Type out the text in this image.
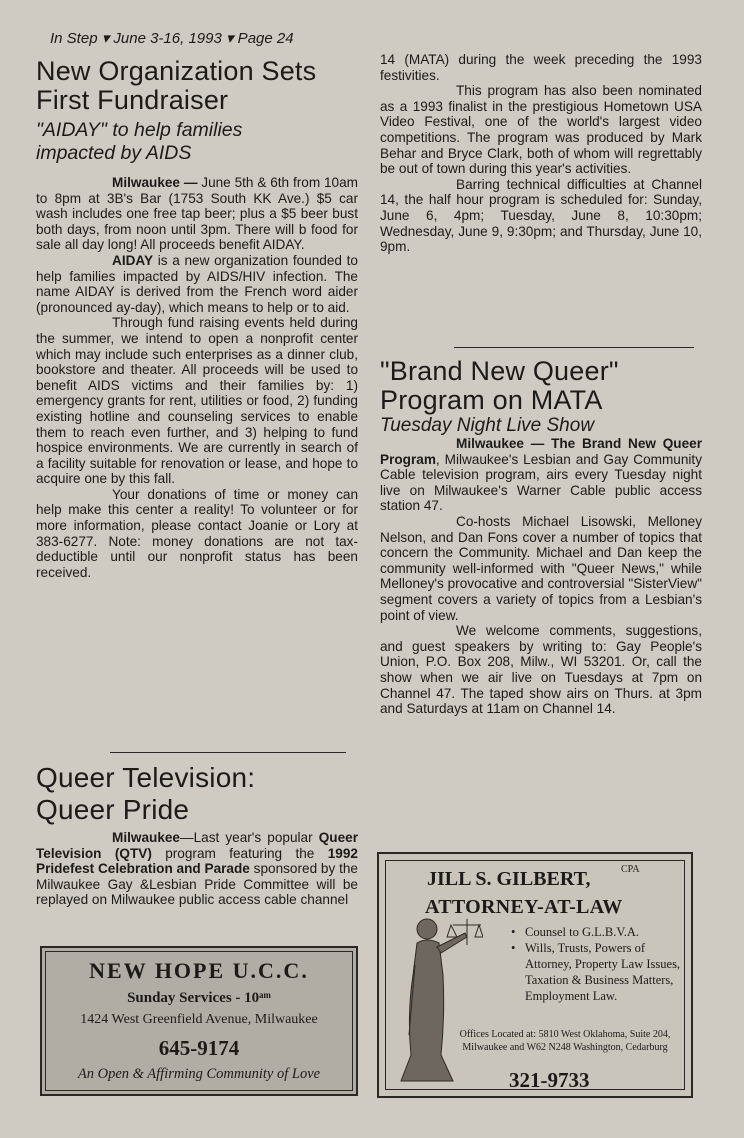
In Step ▾ June 3-16, 1993 ▾ Page 24
New Organization Sets
First Fundraiser
"AIDAY" to help families
impacted by AIDS

Milwaukee — June 5th & 6th from 10am to 8pm at 3B's Bar (1753 South KK Ave.) $5 car wash includes one free tap beer; plus a $5 beer bust both days, from noon until 3pm. There will b food for sale all day long! All proceeds benefit AIDAY.

AIDAY is a new organization founded to help families impacted by AIDS/HIV infection. The name AIDAY is derived from the French word aider (pronounced ay-day), which means to help or to aid.

Through fund raising events held during the summer, we intend to open a nonprofit center which may include such enterprises as a dinner club, bookstore and theater. All proceeds will be used to benefit AIDS victims and their families by: 1) emergency grants for rent, utilities or food, 2) funding existing hotline and counseling services to enable them to reach even further, and 3) helping to fund hospice environments. We are currently in search of a facility suitable for renovation or lease, and hope to acquire one by this fall.

Your donations of time or money can help make this center a reality! To volunteer or for more information, please contact Joanie or Lory at 383-6277. Note: money donations are not tax-deductible until our nonprofit status has been received.

Queer Television:
Queer Pride

Milwaukee—Last year's popular Queer Television (QTV) program featuring the 1992 Pridefest Celebration and Parade sponsored by the Milwaukee Gay &Lesbian Pride Committee will be replayed on Milwaukee public access cable channel

NEW HOPE U.C.C.
Sunday Services - 10ᵃᵐ
1424 West Greenfield Avenue, Milwaukee
645-9174
An Open & Affirming Community of Love

14 (MATA) during the week preceding the 1993 festivities.

This program has also been nominated as a 1993 finalist in the prestigious Hometown USA Video Festival, one of the world's largest video competitions. The program was produced by Mark Behar and Bryce Clark, both of whom will regrettably be out of town during this year's activities.

Barring technical difficulties at Channel 14, the half hour program is scheduled for: Sunday, June 6, 4pm; Tuesday, June 8, 10:30pm; Wednesday, June 9, 9:30pm; and Thursday, June 10, 9pm.

"Brand New Queer"
Program on MATA
Tuesday Night Live Show

Milwaukee — The Brand New Queer Program, Milwaukee's Lesbian and Gay Community Cable television program, airs every Tuesday night live on Milwaukee's Warner Cable public access station 47.

Co-hosts Michael Lisowski, Melloney Nelson, and Dan Fons cover a number of topics that concern the Community. Michael and Dan keep the community well-informed with "Queer News," while Melloney's provocative and controversial "SisterView" segment covers a variety of topics from a Lesbian's point of view.

We welcome comments, suggestions, and guest speakers by writing to: Gay People's Union, P.O. Box 208, Milw., WI 53201. Or, call the show when we air live on Tuesdays at 7pm on Channel 47. The taped show airs on Thurs. at 3pm and Saturdays at 11am on Channel 14.

JILL S. GILBERT,	CPA
ATTORNEY-AT-LAW
• Counsel to G.L.B.V.A.
• Wills, Trusts, Powers of Attorney, Property Law Issues, Taxation & Business Matters, Employment Law.
Offices Located at: 5810 West Oklahoma, Suite 204, Milwaukee and W62 N248 Washington, Cedarburg
321-9733
